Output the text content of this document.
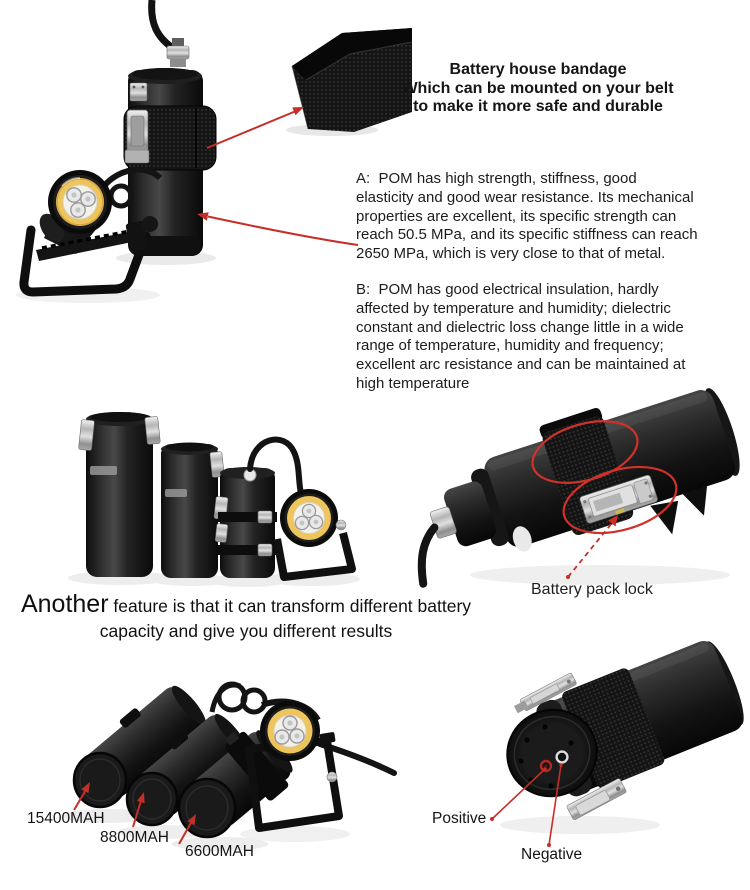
Battery house bandage
Which can be mounted on your belt
to make it more safe and durable
A:  POM has high strength, stiffness, good
elasticity and good wear resistance. Its mechanical
properties are excellent, its specific strength can
reach 50.5 MPa, and its specific stiffness can reach
2650 MPa, which is very close to that of metal.
B:  POM has good electrical insulation, hardly
affected by temperature and humidity; dielectric
constant and dielectric loss change little in a wide
range of temperature, humidity and frequency;
excellent arc resistance and can be maintained at
high temperature
Battery pack lock
Another feature is that it can transform different battery
capacity and give you different results
15400MAH
8800MAH
6600MAH
Positive
Negative
